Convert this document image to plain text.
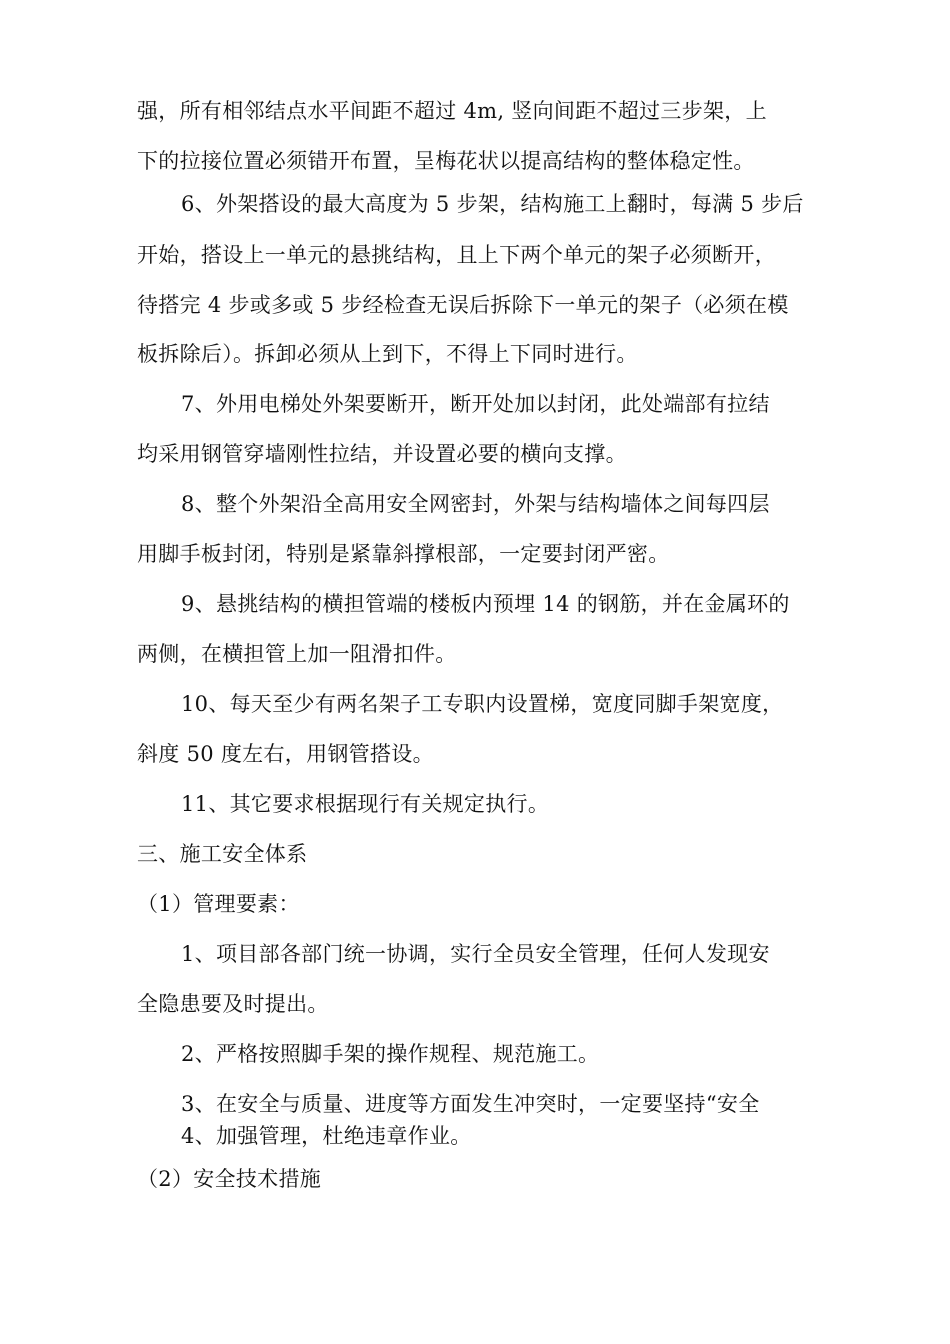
强，所有相邻结点水平间距不超过 4m, 竖向间距不超过三步架，上
下的拉接位置必须错开布置，呈梅花状以提高结构的整体稳定性。
6、外架搭设的最大高度为 5 步架，结构施工上翻时，每满 5 步后
开始，搭设上一单元的悬挑结构，且上下两个单元的架子必须断开，
待搭完 4 步或多或 5 步经检查无误后拆除下一单元的架子（必须在模
板拆除后）。拆卸必须从上到下，不得上下同时进行。
7、外用电梯处外架要断开，断开处加以封闭，此处端部有拉结
均采用钢管穿墙刚性拉结，并设置必要的横向支撑。
8、整个外架沿全高用安全网密封，外架与结构墙体之间每四层
用脚手板封闭，特别是紧靠斜撑根部，一定要封闭严密。
9、悬挑结构的横担管端的楼板内预埋 14 的钢筋，并在金属环的
两侧，在横担管上加一阻滑扣件。
10、每天至少有两名架子工专职内设置梯，宽度同脚手架宽度，
斜度 50 度左右，用钢管搭设。
11、其它要求根据现行有关规定执行。
三、施工安全体系
（1）管理要素：
1、项目部各部门统一协调，实行全员安全管理，任何人发现安
全隐患要及时提出。
2、严格按照脚手架的操作规程、规范施工。
3、在安全与质量、进度等方面发生冲突时，一定要坚持“安全
4、加强管理，杜绝违章作业。
（2）安全技术措施
